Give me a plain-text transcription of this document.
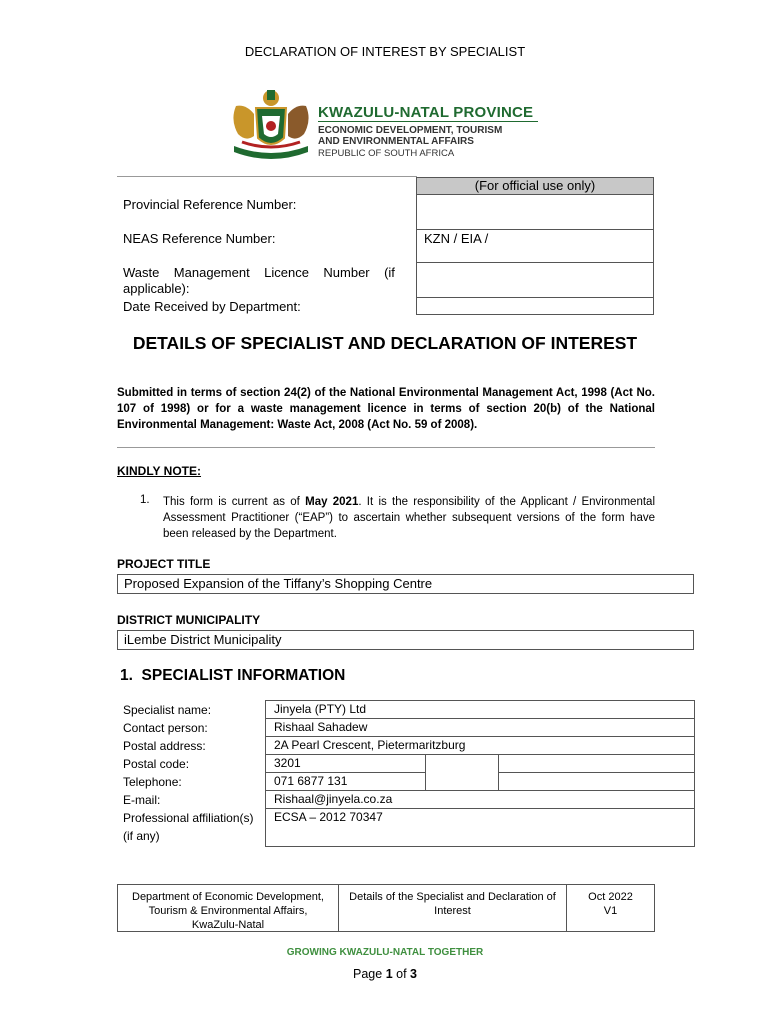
DECLARATION OF INTEREST BY SPECIALIST
KWAZULU-NATAL PROVINCE
ECONOMIC DEVELOPMENT, TOURISM
AND ENVIRONMENTAL AFFAIRS
REPUBLIC OF SOUTH AFRICA
(For official use only)
Provincial Reference Number:
NEAS Reference Number:	KZN / EIA /
Waste    Management    Licence    Number    (if
applicable):
Date Received by Department:
DETAILS OF SPECIALIST AND DECLARATION OF INTEREST
Submitted in terms of section 24(2) of the National Environmental Management Act, 1998 (Act No. 107 of 1998) or for a waste management licence in terms of section 20(b) of the National Environmental Management: Waste Act, 2008 (Act No. 59 of 2008).
KINDLY NOTE:
1. This form is current as of May 2021. It is the responsibility of the Applicant / Environmental Assessment Practitioner (“EAP”) to ascertain whether subsequent versions of the form have been released by the Department.
PROJECT TITLE
Proposed Expansion of the Tiffany’s Shopping Centre
DISTRICT MUNICIPALITY
iLembe District Municipality
1.  SPECIALIST INFORMATION
Specialist name:
Contact person:
Postal address:
Postal code:
Telephone:
E-mail:
Professional affiliation(s)
(if any)
Jinyela (PTY) Ltd
Rishaal Sahadew
2A Pearl Crescent, Pietermaritzburg
3201
071 6877 131
Rishaal@jinyela.co.za
ECSA – 2012 70347
Department of Economic Development, Tourism & Environmental Affairs, KwaZulu-Natal
Details of the Specialist and Declaration of Interest
Oct 2022
V1
GROWING KWAZULU-NATAL TOGETHER
Page 1 of 3
